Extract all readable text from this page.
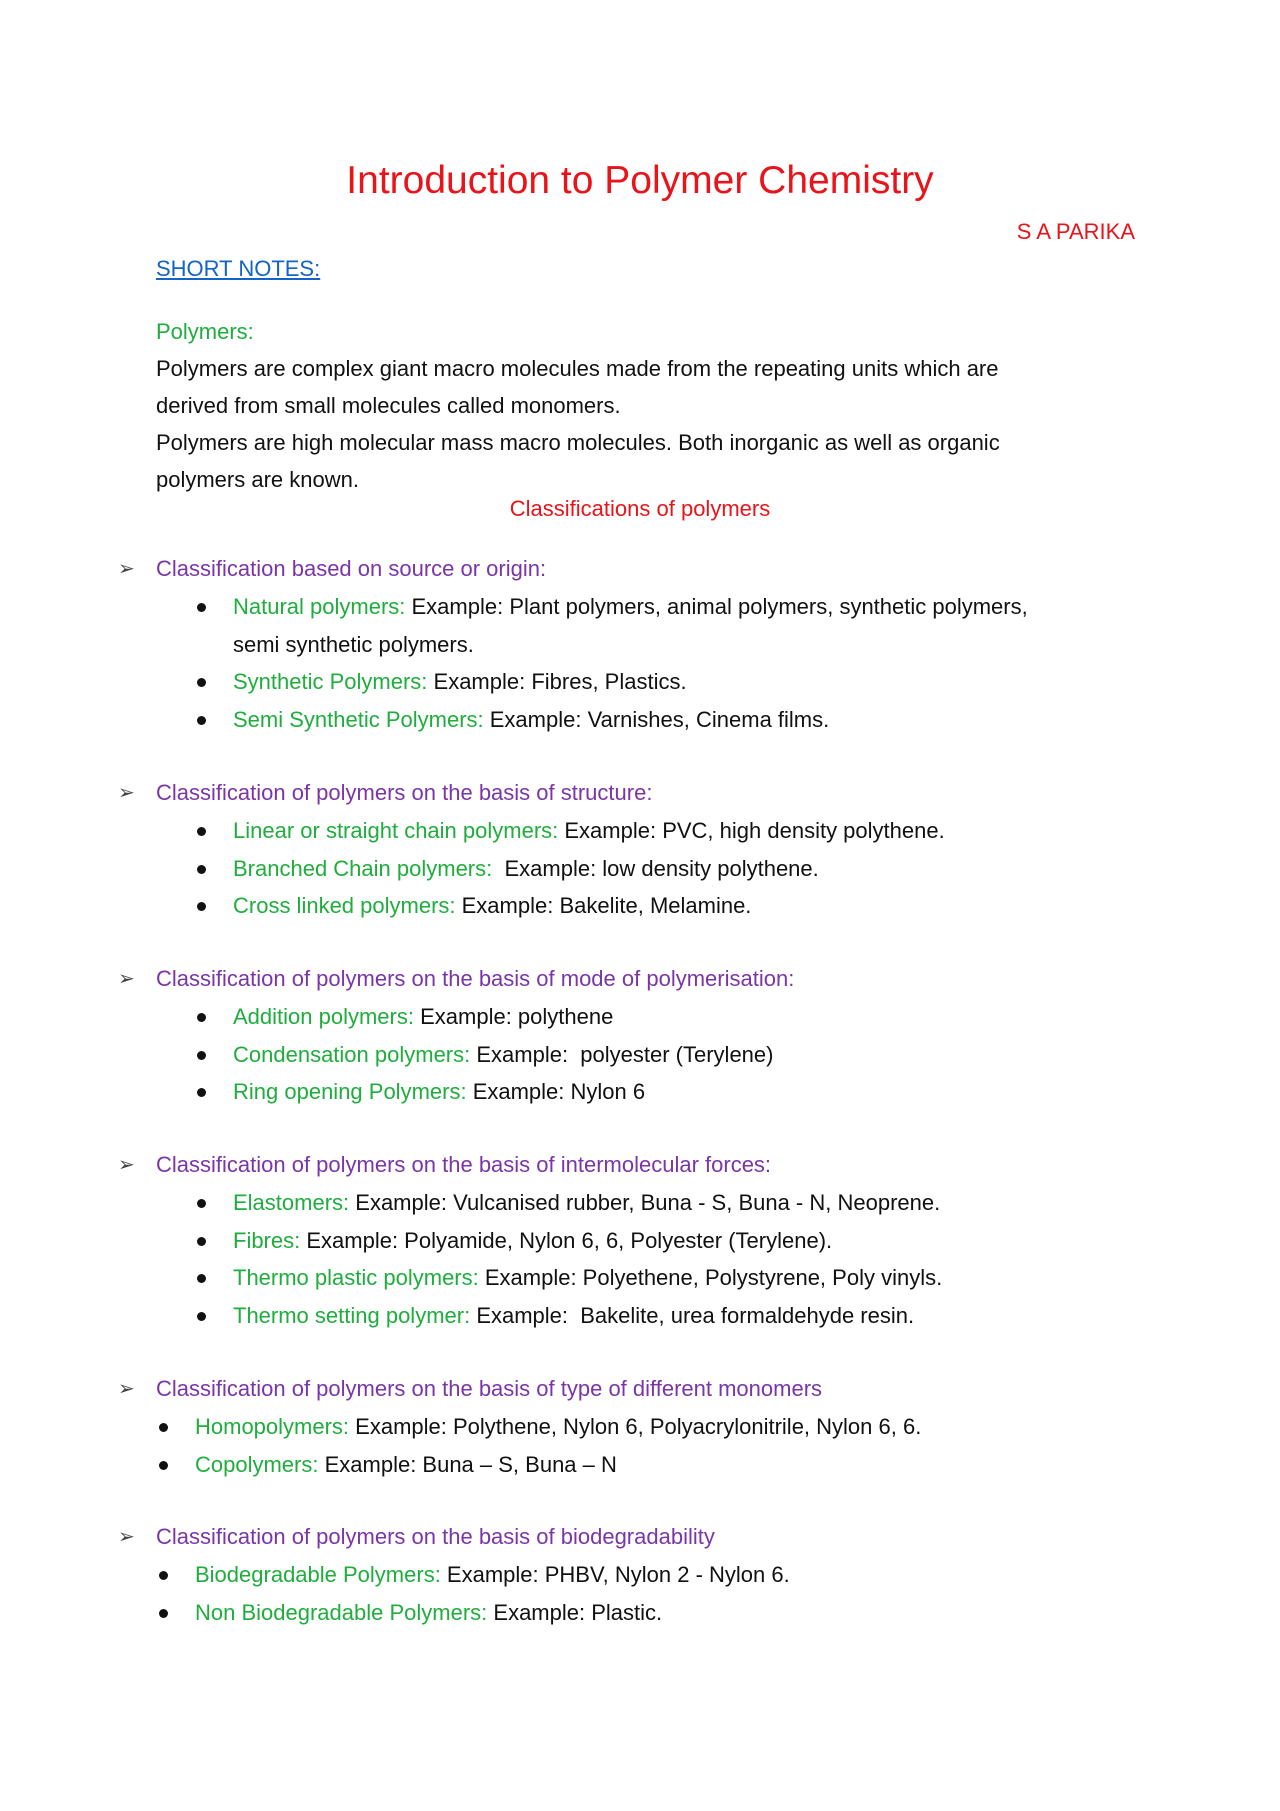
Introduction to Polymer Chemistry
S A PARIKA
SHORT NOTES:
Polymers:
Polymers are complex giant macro molecules made from the repeating units which are
derived from small molecules called monomers.
Polymers are high molecular mass macro molecules. Both inorganic as well as organic
polymers are known.
Classifications of polymers
➢ Classification based on source or origin:
Natural polymers: Example: Plant polymers, animal polymers, synthetic polymers,
semi synthetic polymers.
Synthetic Polymers: Example: Fibres, Plastics.
Semi Synthetic Polymers: Example: Varnishes, Cinema films.
➢ Classification of polymers on the basis of structure:
Linear or straight chain polymers: Example: PVC, high density polythene.
Branched Chain polymers:  Example: low density polythene.
Cross linked polymers: Example: Bakelite, Melamine.
➢ Classification of polymers on the basis of mode of polymerisation:
Addition polymers: Example: polythene
Condensation polymers: Example:  polyester (Terylene)
Ring opening Polymers: Example: Nylon 6
➢ Classification of polymers on the basis of intermolecular forces:
Elastomers: Example: Vulcanised rubber, Buna - S, Buna - N, Neoprene.
Fibres: Example: Polyamide, Nylon 6, 6, Polyester (Terylene).
Thermo plastic polymers: Example: Polyethene, Polystyrene, Poly vinyls.
Thermo setting polymer: Example:  Bakelite, urea formaldehyde resin.
➢ Classification of polymers on the basis of type of different monomers
Homopolymers: Example: Polythene, Nylon 6, Polyacrylonitrile, Nylon 6, 6.
Copolymers: Example: Buna – S, Buna – N
➢ Classification of polymers on the basis of biodegradability
Biodegradable Polymers: Example: PHBV, Nylon 2 - Nylon 6.
Non Biodegradable Polymers: Example: Plastic.
